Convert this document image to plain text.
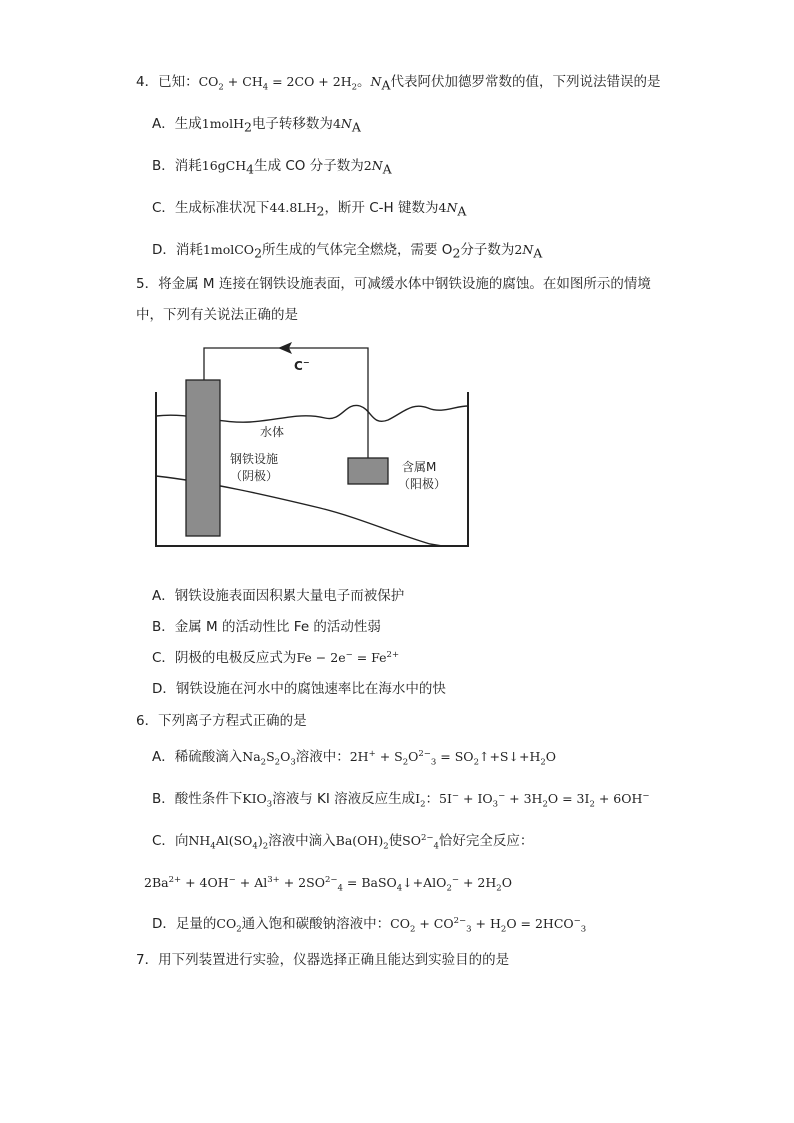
4．已知：$CO_2 + CH_4 = 2CO + 2H_2$。$N_A$代表阿伏加德罗常数的值，下列说法错误的是
A．生成1molH$_2$电子转移数为$4N_A$
B．消耗16gCH$_4$生成 CO 分子数为$2N_A$
C．生成标准状况下$44.8LH_2$，断开 C-H 键数为$4N_A$
D．消耗1molCO$_2$所生成的气体完全燃烧，需要 $O_2$分子数为$2N_A$
5．将金属 M 连接在钢铁设施表面，可减缓水体中钢铁设施的腐蚀。在如图所示的情境
中，下列有关说法正确的是
C−
水体
钢铁设施
（阴极）
含属M
（阳极）
A．钢铁设施表面因积累大量电子而被保护
B．金属 M 的活动性比 Fe 的活动性弱
C．阴极的电极反应式为$Fe - 2e^- = Fe^{2+}$
D．钢铁设施在河水中的腐蚀速率比在海水中的快
6．下列离子方程式正确的是
A．稀硫酸滴入$Na_2S_2O_3$溶液中：$2H^+ + S_2O^{2-}_3$ = $SO_2↑+S↓+H_2O$
B．酸性条件下$KIO_3$溶液与 KI 溶液反应生成$I_2$：$5I^- + IO_3^- + 3H_2O = 3I_2 + 6OH^-$
C．向$NH_4Al(SO_4)_2$溶液中滴入$Ba(OH)_2$使$SO^{2-}_4$恰好完全反应：
$2Ba^{2+} + 4OH^- + Al^{3+} + 2SO^{2-}_4$ = BaSO$_4$↓+AlO$_2$− + $2H_2O$
D．足量的$CO_2$通入饱和碳酸钠溶液中：$CO_2 + CO^{2-}_3 + H_2O = 2HCO^-_3$
7．用下列装置进行实验，仪器选择正确且能达到实验目的的是
